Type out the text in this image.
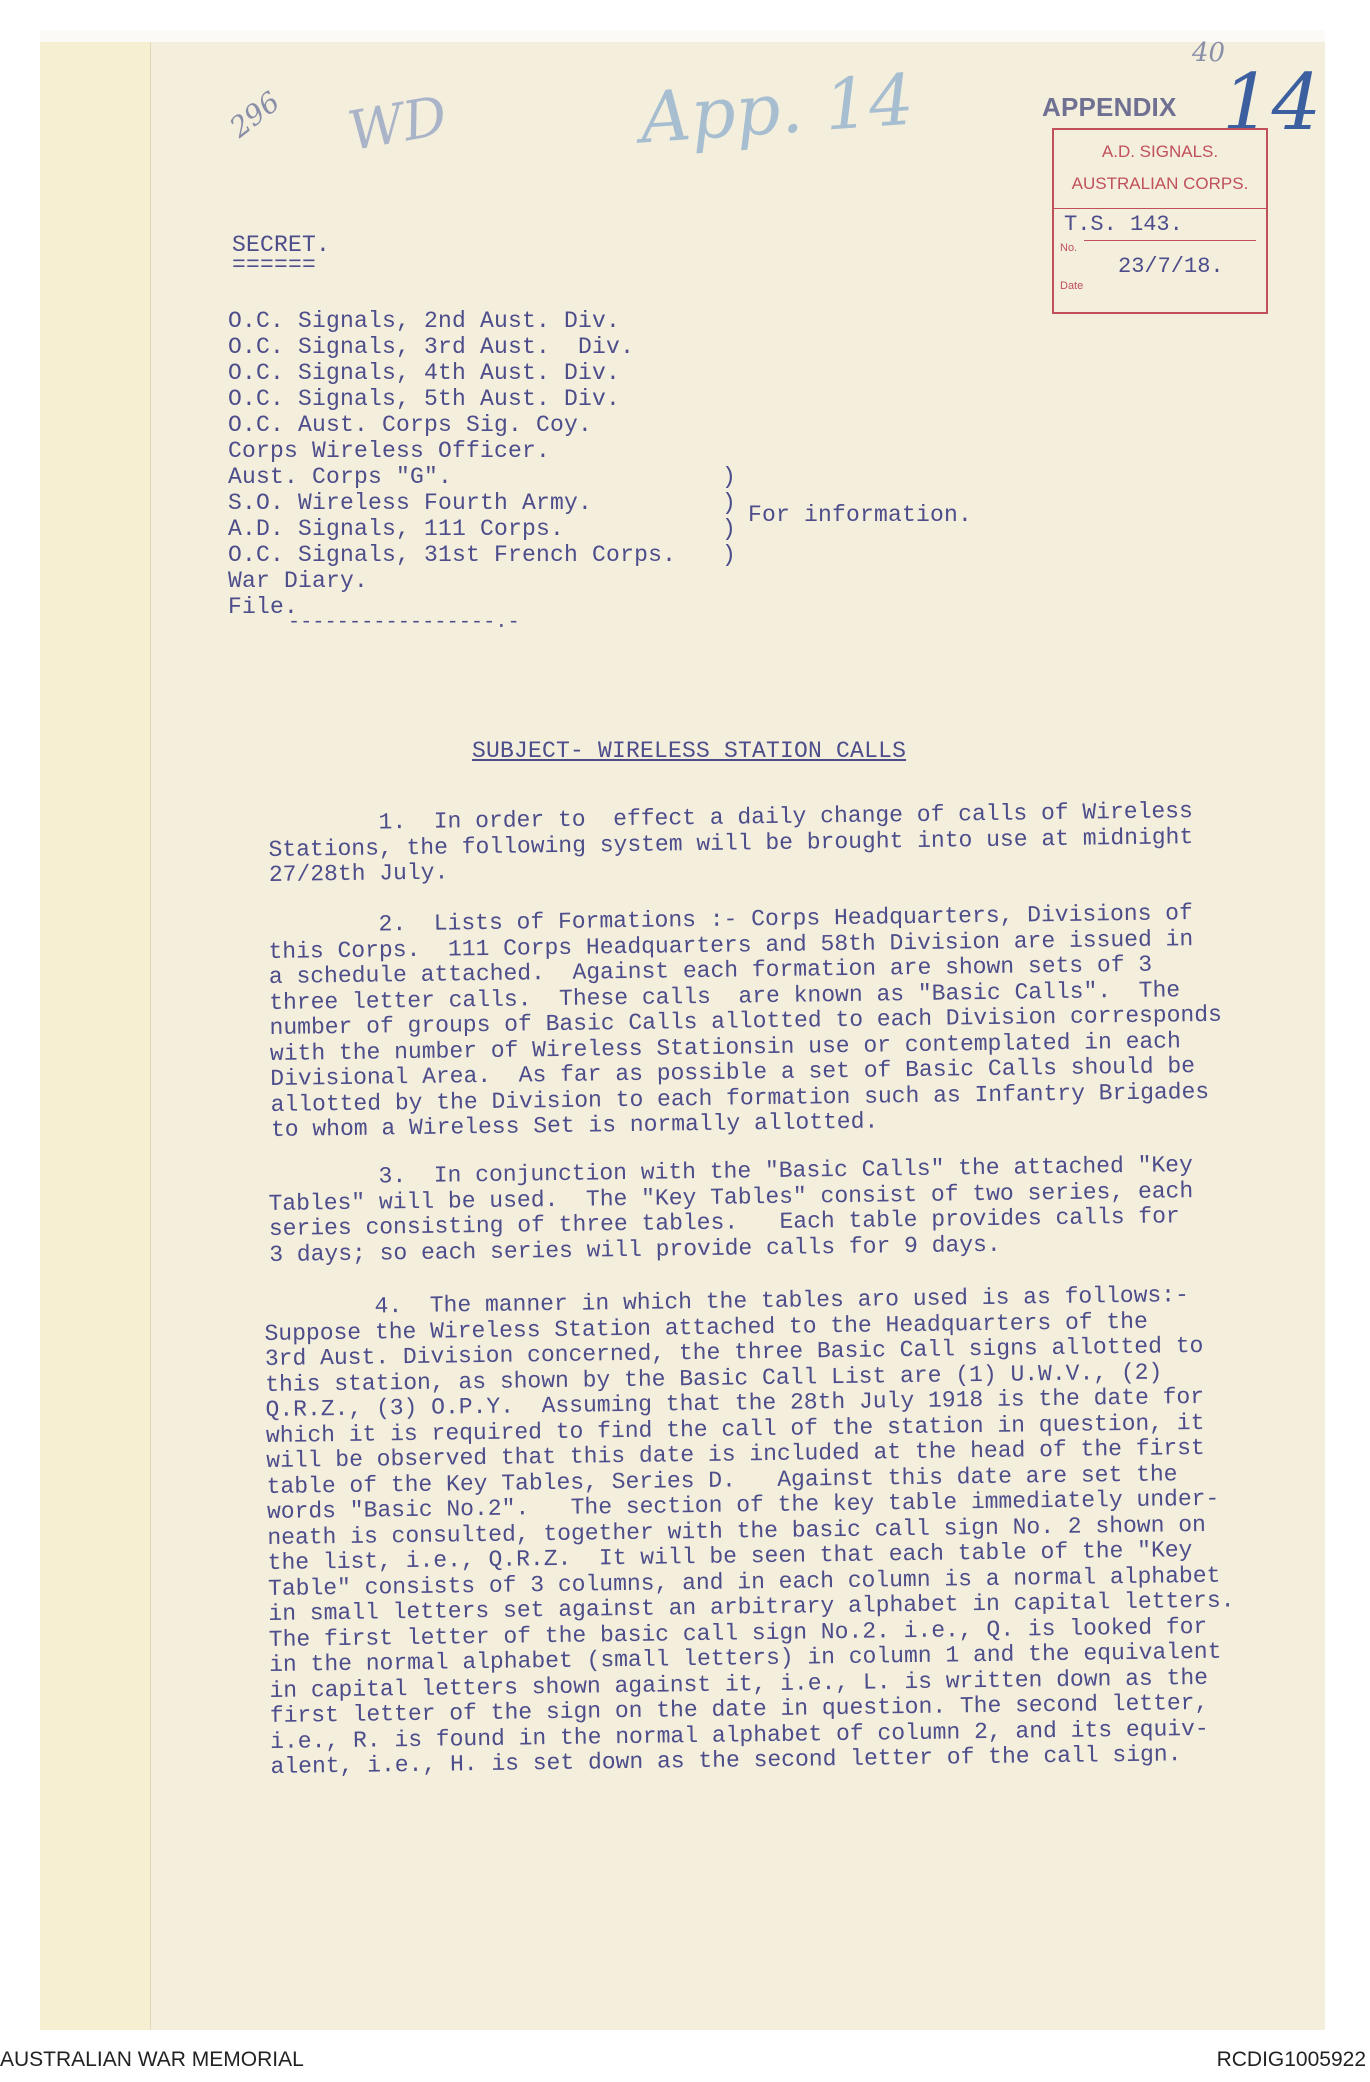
296 WD	App. 14
40
14
APPENDIX
A.D. SIGNALS.
AUSTRALIAN CORPS.
T.S. 143.
No.
23/7/18.
Date
SECRET.
======
O.C. Signals, 2nd Aust. Div.
O.C. Signals, 3rd Aust.  Div.
O.C. Signals, 4th Aust. Div.
O.C. Signals, 5th Aust. Div.
O.C. Aust. Corps Sig. Coy.
Corps Wireless Officer.
Aust. Corps "G".
S.O. Wireless Fourth Army.
A.D. Signals, 111 Corps.
O.C. Signals, 31st French Corps.
War Diary.
File.
)
)
)
)
For information.
-----------------.-
SUBJECT- WIRELESS STATION CALLS
1.  In order to  effect a daily change of calls of Wireless
Stations, the following system will be brought into use at midnight
27/28th July.
2.  Lists of Formations :- Corps Headquarters, Divisions of
this Corps.  111 Corps Headquarters and 58th Division are issued in
a schedule attached.  Against each formation are shown sets of 3
three letter calls.  These calls  are known as "Basic Calls".  The
number of groups of Basic Calls allotted to each Division corresponds
with the number of Wireless Stationsin use or contemplated in each
Divisional Area.  As far as possible a set of Basic Calls should be
allotted by the Division to each formation such as Infantry Brigades
to whom a Wireless Set is normally allotted.
3.  In conjunction with the "Basic Calls" the attached "Key
Tables" will be used.  The "Key Tables" consist of two series, each
series consisting of three tables.   Each table provides calls for
3 days; so each series will provide calls for 9 days.
4.  The manner in which the tables aro used is as follows:-
Suppose the Wireless Station attached to the Headquarters of the
3rd Aust. Division concerned, the three Basic Call signs allotted to
this station, as shown by the Basic Call List are (1) U.W.V., (2)
Q.R.Z., (3) O.P.Y.  Assuming that the 28th July 1918 is the date for
which it is required to find the call of the station in question, it
will be observed that this date is included at the head of the first
table of the Key Tables, Series D.   Against this date are set the
words "Basic No.2".   The section of the key table immediately under-
neath is consulted, together with the basic call sign No. 2 shown on
the list, i.e., Q.R.Z.  It will be seen that each table of the "Key
Table" consists of 3 columns, and in each column is a normal alphabet
in small letters set against an arbitrary alphabet in capital letters.
The first letter of the basic call sign No.2. i.e., Q. is looked for
in the normal alphabet (small letters) in column 1 and the equivalent
in capital letters shown against it, i.e., L. is written down as the
first letter of the sign on the date in question. The second letter,
i.e., R. is found in the normal alphabet of column 2, and its equiv-
alent, i.e., H. is set down as the second letter of the call sign.
AUSTRALIAN WAR MEMORIAL	RCDIG1005922
